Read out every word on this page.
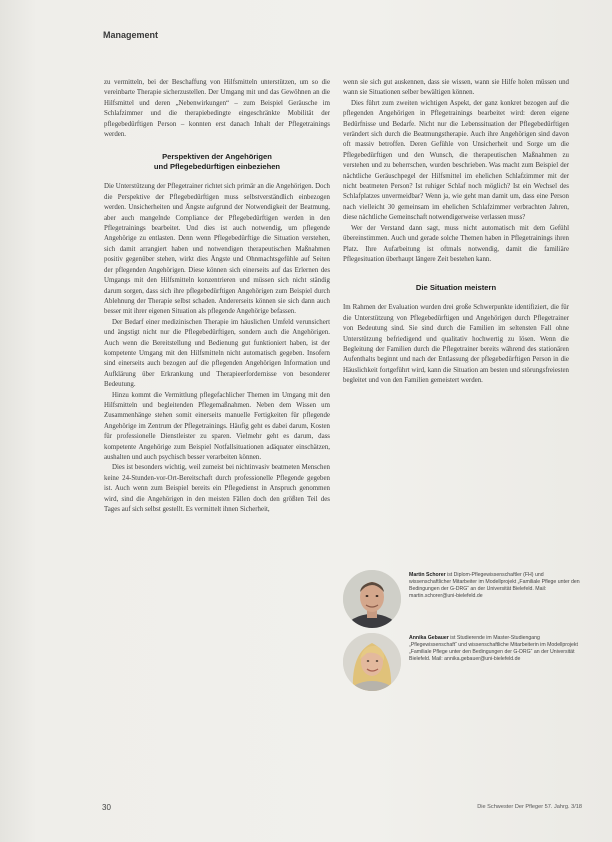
Management

zu vermitteln, bei der Beschaffung von Hilfsmitteln unterstützen, um so die vereinbarte Therapie sicherzustellen. Der Umgang mit und das Gewöhnen an die Hilfsmittel und deren „Nebenwirkungen“ – zum Beispiel Geräusche im Schlafzimmer und die therapiebedingte eingeschränkte Mobilität der pflegebedürftigen Person – konnten erst danach Inhalt der Pflegetrainings werden.

Perspektiven der Angehörigen
und Pflegebedürftigen einbeziehen

Die Unterstützung der Pflegetrainer richtet sich primär an die Angehörigen. Doch die Perspektive der Pflegebedürftigen muss selbstverständlich einbezogen werden. Unsicherheiten und Ängste aufgrund der Notwendigkeit der Beatmung, aber auch mangelnde Compliance der Pflegebedürftigen werden in den Pflegetrainings bearbeitet. Und dies ist auch notwendig, um pflegende Angehörige zu entlasten. Denn wenn Pflegebedürftige die Situation verstehen, sich damit arrangiert haben und notwendigen therapeutischen Maßnahmen positiv gegenüber stehen, wirkt dies Ängste und Ohnmachtsgefühle auf Seiten der pflegenden Angehörigen. Diese können sich einerseits auf das Erlernen des Umgangs mit den Hilfsmitteln konzentrieren und müssen sich nicht ständig darum sorgen, dass sich ihre pflegebedürftigen Angehörigen zum Beispiel durch Ablehnung der Therapie selbst schaden. Andererseits können sie sich dann auch besser mit ihrer eigenen Situation als pflegende Angehörige befassen.

Der Bedarf einer medizinischen Therapie im häuslichen Umfeld verunsichert und ängstigt nicht nur die Pflegebedürftigen, sondern auch die Angehörigen. Auch wenn die Bereitstellung und Bedienung gut funktioniert haben, ist der kompetente Umgang mit den Hilfsmitteln nicht automatisch gegeben. Insofern sind einerseits auch bezogen auf die pflegenden Angehörigen Information und Aufklärung über Erkrankung und Therapieerfordernisse von besonderer Bedeutung.

Hinzu kommt die Vermittlung pflegefachlicher Themen im Umgang mit den Hilfsmitteln und begleitenden Pflegemaßnahmen. Neben dem Wissen um Zusammenhänge stehen somit einerseits manuelle Fertigkeiten für pflegende Angehörige im Zentrum der Pflegetrainings. Häufig geht es dabei darum, Kosten für professionelle Dienstleister zu sparen. Vielmehr geht es darum, dass kompetente Angehörige zum Beispiel Notfallsituationen adäquater einschätzen, aushalten und auch psychisch besser verarbeiten können.

Dies ist besonders wichtig, weil zumeist bei nichtinvasiv beatmeten Menschen keine 24-Stunden-vor-Ort-Bereitschaft durch professionelle Pflegende gegeben ist. Auch wenn zum Beispiel bereits ein Pflegedienst in Anspruch genommen wird, sind die Angehörigen in den meisten Fällen doch den größten Teil des Tages auf sich selbst gestellt. Es vermittelt ihnen Sicherheit,

wenn sie sich gut auskennen, dass sie wissen, wann sie Hilfe holen müssen und wann sie Situationen selber bewältigen können.

Dies führt zum zweiten wichtigen Aspekt, der ganz konkret bezogen auf die pflegenden Angehörigen in Pflegetrainings bearbeitet wird: deren eigene Bedürfnisse und Bedarfe. Nicht nur die Lebenssituation der Pflegebedürftigen verändert sich durch die Beatmungstherapie. Auch ihre Angehörigen sind davon oft massiv betroffen. Deren Gefühle von Unsicherheit und Sorge um die Pflegebedürftigen und den Wunsch, die therapeutischen Maßnahmen zu verstehen und zu beherrschen, wurden beschrieben. Was macht zum Beispiel der nächtliche Geräuschpegel der Hilfsmittel im ehelichen Schlafzimmer mit der nicht beatmeten Person? Ist ruhiger Schlaf noch möglich? Ist ein Wechsel des Schlafplatzes unvermeidbar? Wenn ja, wie geht man damit um, dass eine Person nach vielleicht 30 gemeinsam im ehelichen Schlafzimmer verbrachten Jahren, diese nächtliche Gemeinschaft notwendigerweise verlassen muss?

Wer der Verstand dann sagt, muss nicht automatisch mit dem Gefühl übereinstimmen. Auch und gerade solche Themen haben in Pflegetrainings ihren Platz. Ihre Aufarbeitung ist oftmals notwendig, damit die familiäre Pflegesituation überhaupt längere Zeit bestehen kann.

Die Situation meistern

Im Rahmen der Evaluation wurden drei große Schwerpunkte identifiziert, die für die Unterstützung von Pflegebedürftigen und Angehörigen durch Pflegetrainer von Bedeutung sind. Sie sind durch die Familien im seltensten Fall ohne Unterstützung befriedigend und qualitativ hochwertig zu lösen. Wenn die Begleitung der Familien durch die Pflegetrainer bereits während des stationären Aufenthalts beginnt und nach der Entlassung der pflegebedürftigen Person in die Häuslichkeit fortgeführt wird, kann die Situation am besten und störungsfreiesten begleitet und von den Familien gemeistert werden.

Martin Schorer ist Diplom-Pflegewissenschaftler (FH) und wissenschaftlicher Mitarbeiter im Modellprojekt „Familiale Pflege unter den Bedingungen der G-DRG“ an der Universität Bielefeld. Mail: martin.schorer@uni-bielefeld.de
Annika Gebauer ist Studierende im Master-Studiengang „Pflegewissenschaft“ und wissenschaftliche Mitarbeiterin im Modellprojekt „Familiale Pflege unter den Bedingungen der G-DRG“ an der Universität Bielefeld. Mail: annika.gebauer@uni-bielefeld.de
30	Die Schwester Der Pfleger 57. Jahrg. 3/18
